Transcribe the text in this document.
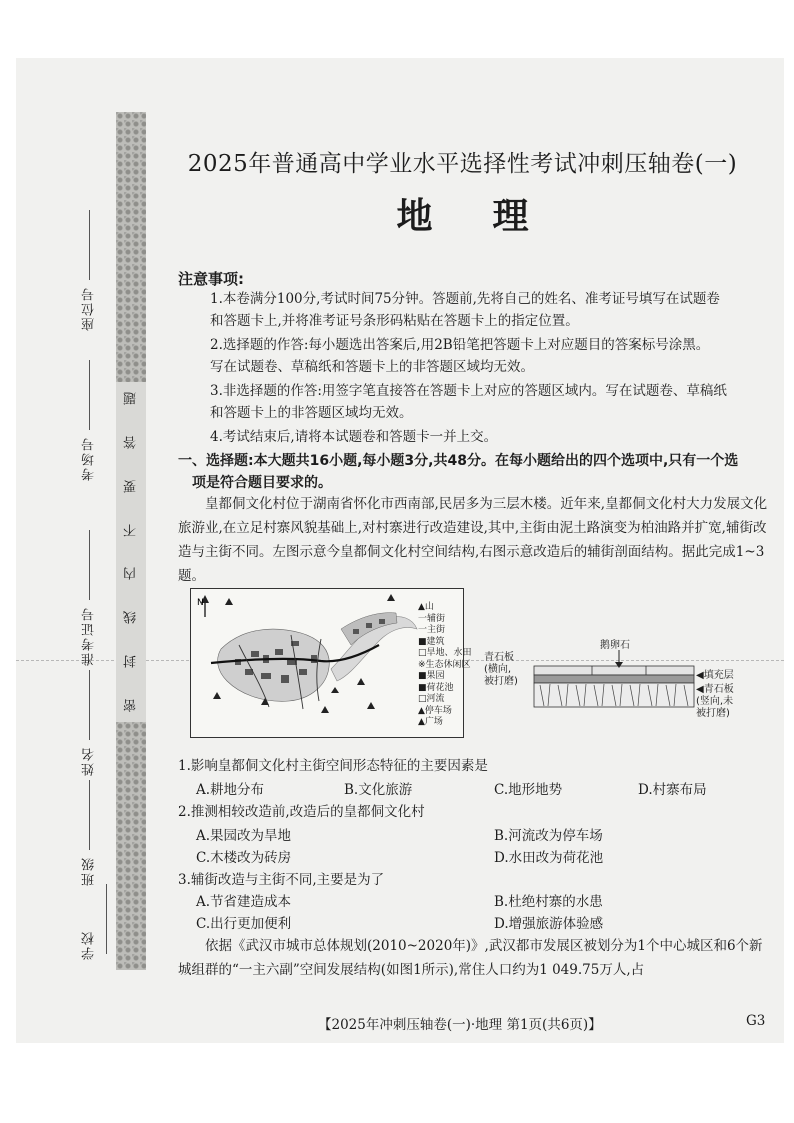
座位号
考场号
准考证号
姓名
班级
学校
题
答
要
不
内
线
封
密
2025年普通高中学业水平选择性考试冲刺压轴卷(一)
地理
注意事项:
1.本卷满分100分,考试时间75分钟。答题前,先将自己的姓名、准考证号填写在试题卷
和答题卡上,并将准考证号条形码粘贴在答题卡上的指定位置。
2.选择题的作答:每小题选出答案后,用2B铅笔把答题卡上对应题目的答案标号涂黑。
写在试题卷、草稿纸和答题卡上的非答题区域均无效。
3.非选择题的作答:用签字笔直接答在答题卡上对应的答题区域内。写在试题卷、草稿纸
和答题卡上的非答题区域均无效。
4.考试结束后,请将本试题卷和答题卡一并上交。
一、选择题:本大题共16小题,每小题3分,共48分。在每小题给出的四个选项中,只有一个选
项是符合题目要求的。
皇都侗文化村位于湖南省怀化市西南部,民居多为三层木楼。近年来,皇都侗文化村大力发展文化旅游业,在立足村寨风貌基础上,对村寨进行改造建设,其中,主街由泥土路演变为柏油路并扩宽,辅街改造与主街不同。左图示意今皇都侗文化村空间结构,右图示意改造后的辅街剖面结构。据此完成1~3题。
N	▲山
一辅街
一主街
■建筑
□旱地、水田
※生态休闲区
■果园
■荷花池
□河流
▲停车场
▲广场
鹅卵石
青石板
(横向,
被打磨)
◀填充层
◀青石板
(竖向,未
被打磨)
1.影响皇都侗文化村主街空间形态特征的主要因素是
A.耕地分布	B.文化旅游	C.地形地势	D.村寨布局
2.推测相较改造前,改造后的皇都侗文化村
A.果园改为旱地	B.河流改为停车场
C.木楼改为砖房	D.水田改为荷花池
3.辅街改造与主街不同,主要是为了
A.节省建造成本	B.杜绝村寨的水患
C.出行更加便利	D.增强旅游体验感
依据《武汉市城市总体规划(2010~2020年)》,武汉都市发展区被划分为1个中心城区和6个新城组群的“一主六副”空间发展结构(如图1所示),常住人口约为1 049.75万人,占
【2025年冲刺压轴卷(一)·地理 第1页(共6页)】	G3
